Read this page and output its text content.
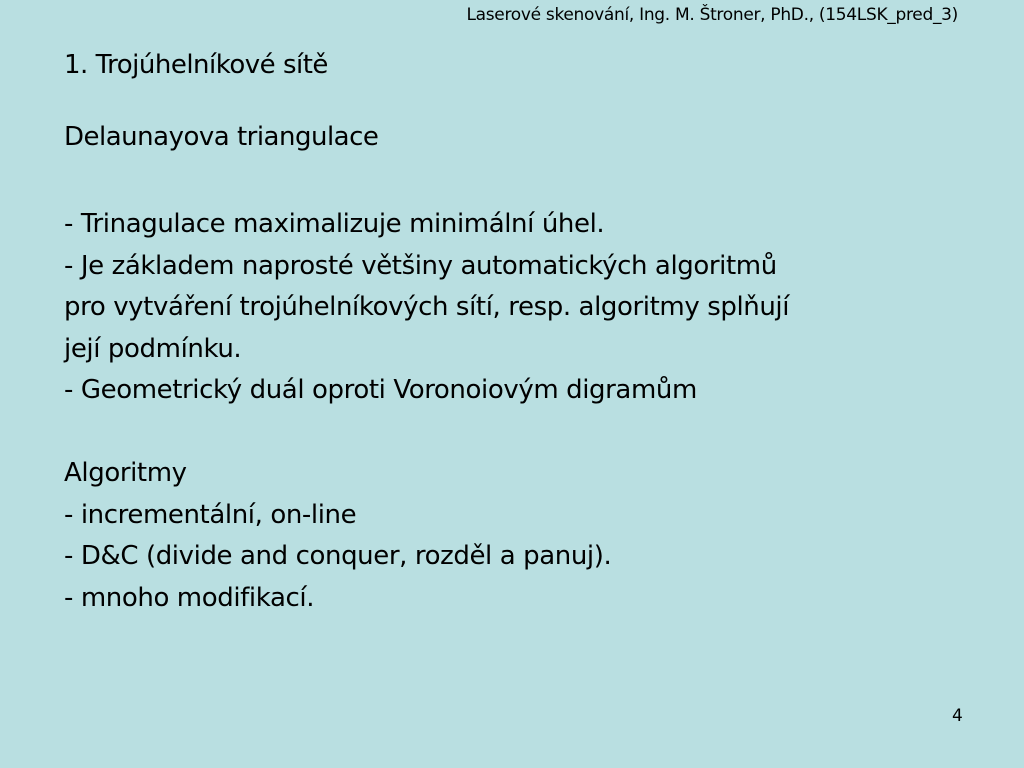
Laserové skenování, Ing. M. Štroner, PhD., (154LSK_pred_3)
1. Trojúhelníkové sítě
Delaunayova triangulace
- Trinagulace maximalizuje minimální úhel.
- Je základem naprosté většiny automatických algoritmů
pro vytváření trojúhelníkových sítí, resp. algoritmy splňují
její podmínku.
- Geometrický duál oproti Voronoiovým digramům
Algoritmy
- incrementální, on-line
- D&C (divide and conquer, rozděl a panuj).
- mnoho modifikací.
4
